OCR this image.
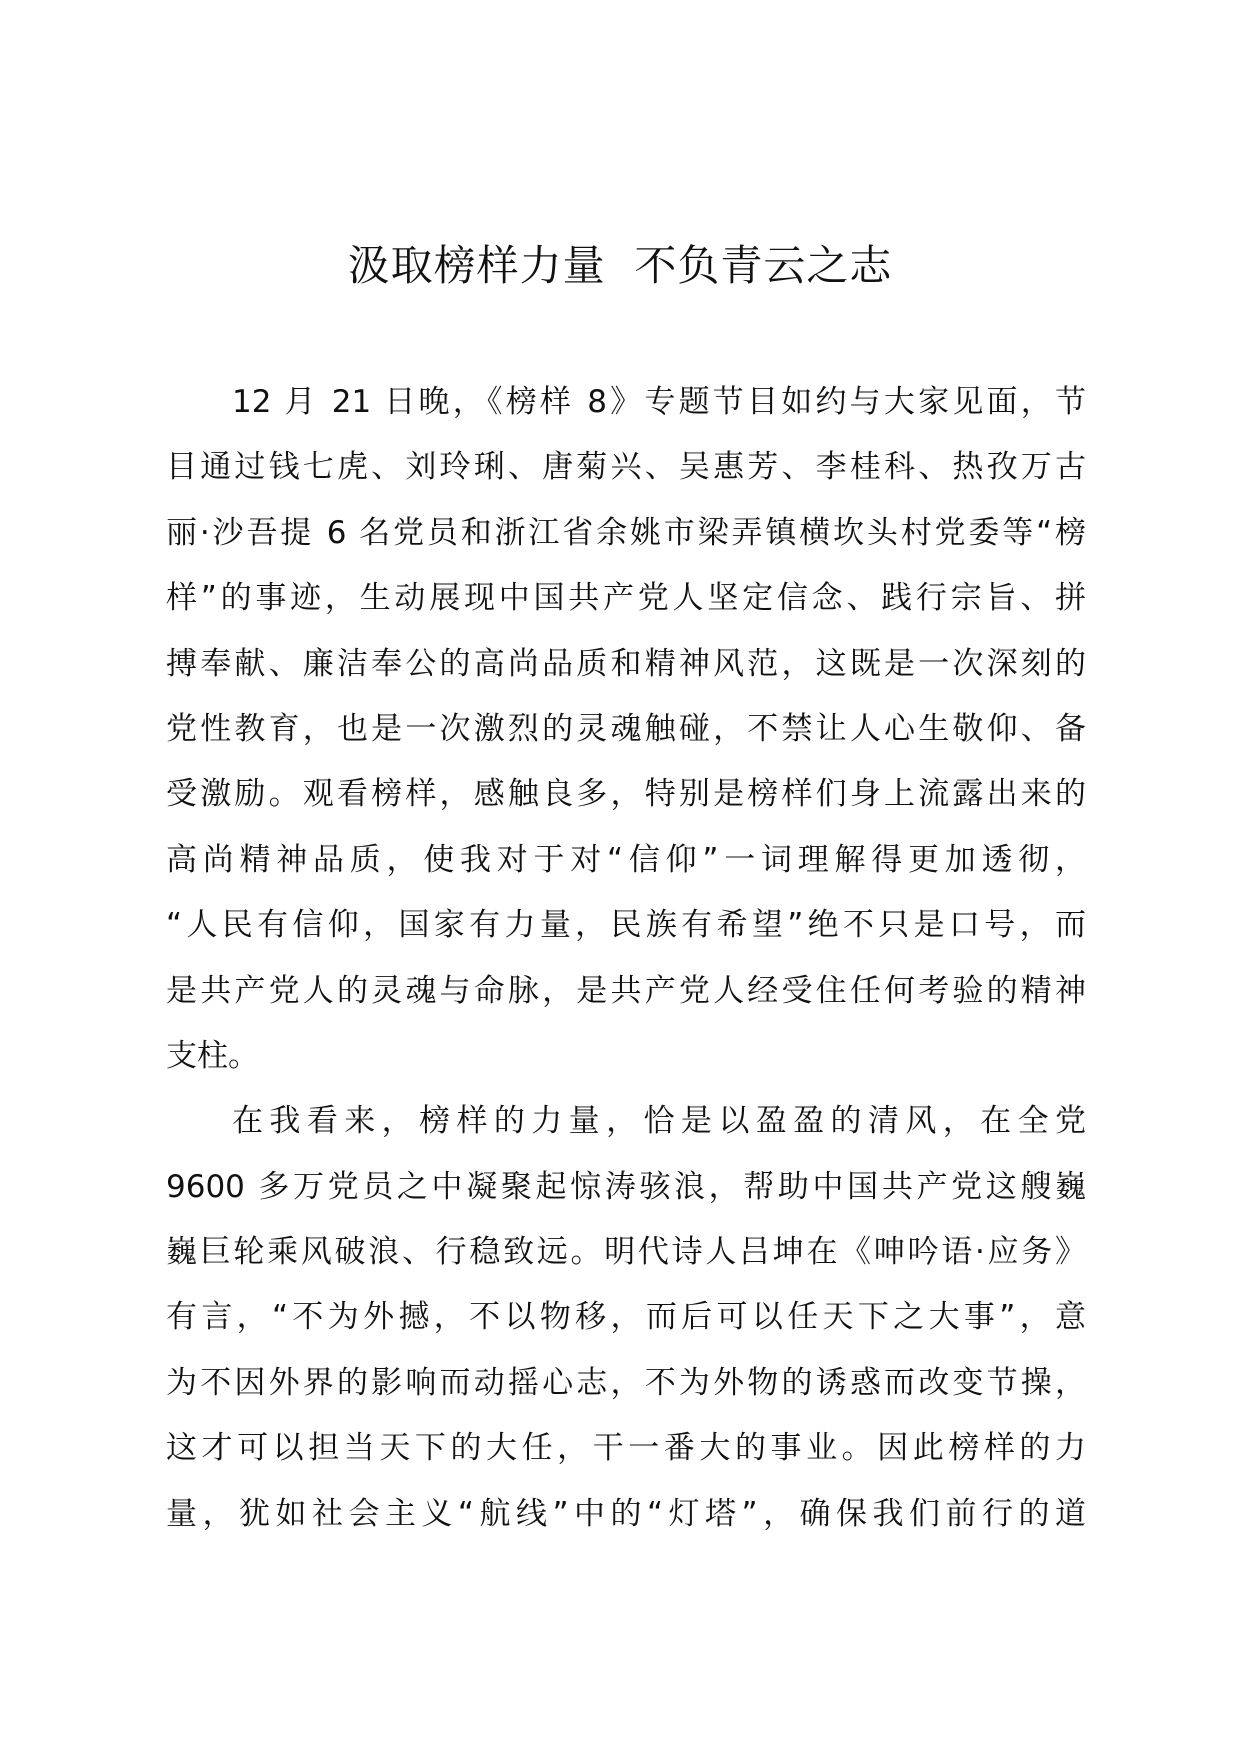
汲取榜样力量  不负青云之志
12 月 21 日晚，《榜样 8》专题节目如约与大家见面，节
目通过钱七虎、刘玲琍、唐菊兴、吴惠芳、李桂科、热孜万古
丽·沙吾提 6 名党员和浙江省余姚市梁弄镇横坎头村党委等“榜
样”的事迹，生动展现中国共产党人坚定信念、践行宗旨、拼
搏奉献、廉洁奉公的高尚品质和精神风范，这既是一次深刻的
党性教育，也是一次激烈的灵魂触碰，不禁让人心生敬仰、备
受激励。观看榜样，感触良多，特别是榜样们身上流露出来的
高尚精神品质，使我对于对“信仰”一词理解得更加透彻，
“人民有信仰，国家有力量，民族有希望”绝不只是口号，而
是共产党人的灵魂与命脉，是共产党人经受住任何考验的精神
支柱。
在我看来，榜样的力量，恰是以盈盈的清风，在全党
9600 多万党员之中凝聚起惊涛骇浪，帮助中国共产党这艘巍
巍巨轮乘风破浪、行稳致远。明代诗人吕坤在《呻吟语·应务》
有言，“不为外撼，不以物移，而后可以任天下之大事”，意
为不因外界的影响而动摇心志，不为外物的诱惑而改变节操，
这才可以担当天下的大任，干一番大的事业。因此榜样的力
量，犹如社会主义“航线”中的“灯塔”，确保我们前行的道
